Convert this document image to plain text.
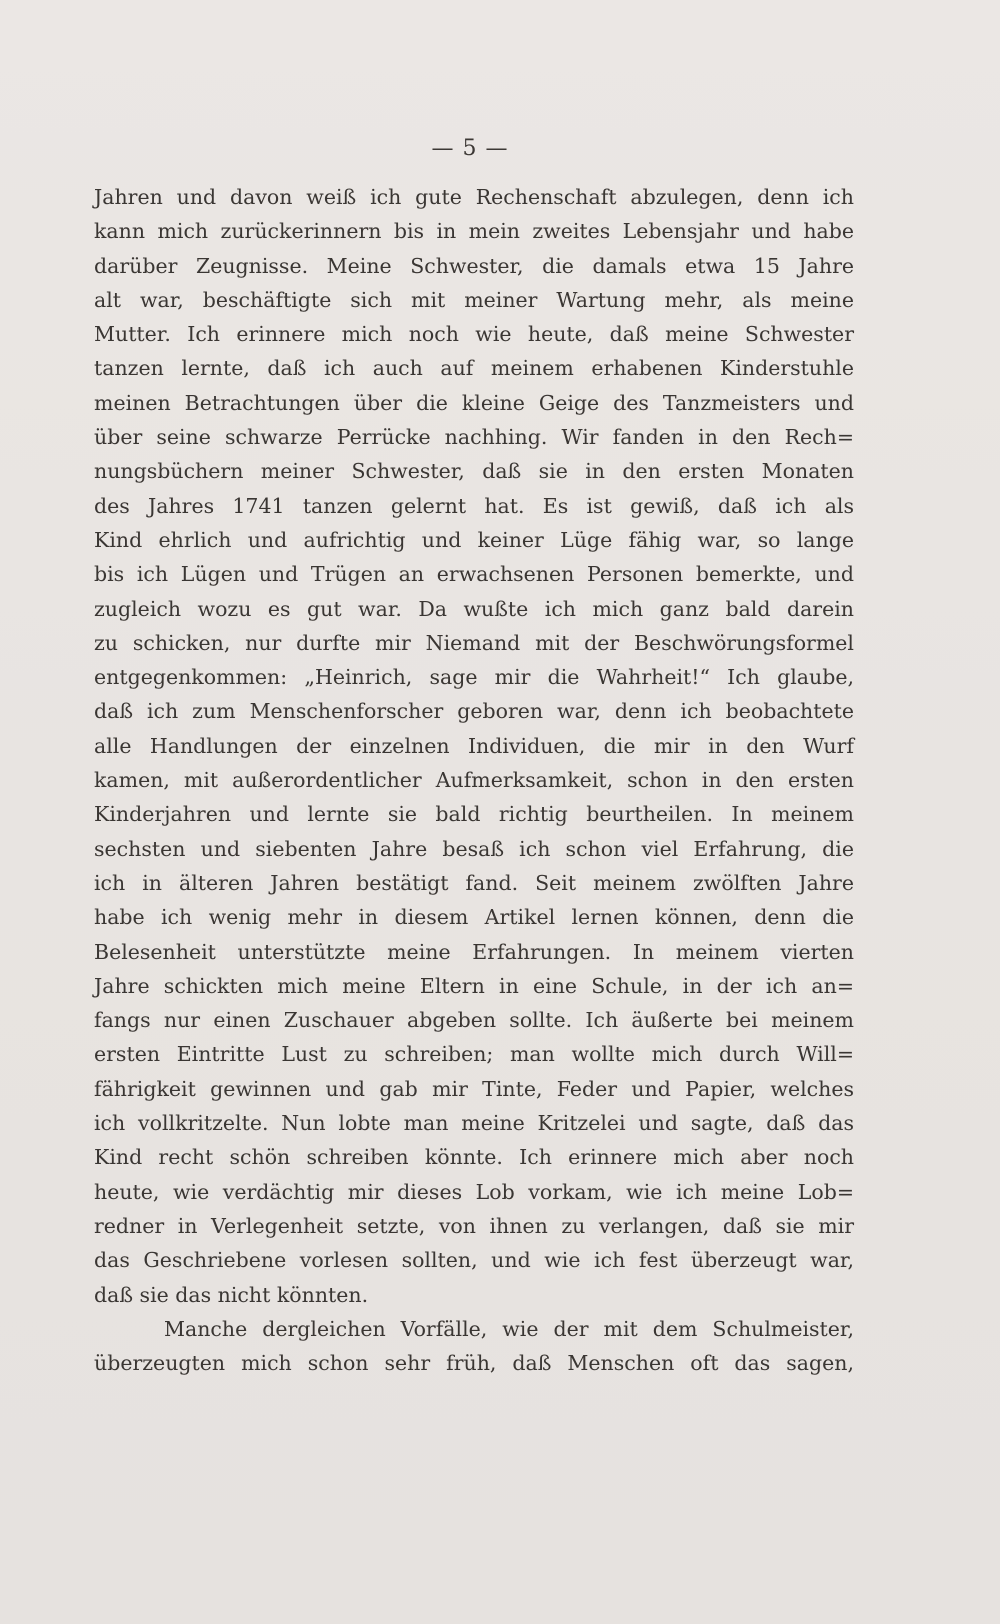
— 5 —
Jahren und davon weiß ich gute Rechenschaft abzulegen, denn ich
kann mich zurückerinnern bis in mein zweites Lebensjahr und habe
darüber Zeugnisse. Meine Schwester, die damals etwa 15 Jahre
alt war, beschäftigte sich mit meiner Wartung mehr, als meine
Mutter. Ich erinnere mich noch wie heute, daß meine Schwester
tanzen lernte, daß ich auch auf meinem erhabenen Kinderstuhle
meinen Betrachtungen über die kleine Geige des Tanzmeisters und
über seine schwarze Perrücke nachhing. Wir fanden in den Rech=
nungsbüchern meiner Schwester, daß sie in den ersten Monaten
des Jahres 1741 tanzen gelernt hat. Es ist gewiß, daß ich als
Kind ehrlich und aufrichtig und keiner Lüge fähig war, so lange
bis ich Lügen und Trügen an erwachsenen Personen bemerkte, und
zugleich wozu es gut war. Da wußte ich mich ganz bald darein
zu schicken, nur durfte mir Niemand mit der Beschwörungsformel
entgegenkommen: „Heinrich, sage mir die Wahrheit!“ Ich glaube,
daß ich zum Menschenforscher geboren war, denn ich beobachtete
alle Handlungen der einzelnen Individuen, die mir in den Wurf
kamen, mit außerordentlicher Aufmerksamkeit, schon in den ersten
Kinderjahren und lernte sie bald richtig beurtheilen. In meinem
sechsten und siebenten Jahre besaß ich schon viel Erfahrung, die
ich in älteren Jahren bestätigt fand. Seit meinem zwölften Jahre
habe ich wenig mehr in diesem Artikel lernen können, denn die
Belesenheit unterstützte meine Erfahrungen. In meinem vierten
Jahre schickten mich meine Eltern in eine Schule, in der ich an=
fangs nur einen Zuschauer abgeben sollte. Ich äußerte bei meinem
ersten Eintritte Lust zu schreiben; man wollte mich durch Will=
fährigkeit gewinnen und gab mir Tinte, Feder und Papier, welches
ich vollkritzelte. Nun lobte man meine Kritzelei und sagte, daß das
Kind recht schön schreiben könnte. Ich erinnere mich aber noch
heute, wie verdächtig mir dieses Lob vorkam, wie ich meine Lob=
redner in Verlegenheit setzte, von ihnen zu verlangen, daß sie mir
das Geschriebene vorlesen sollten, und wie ich fest überzeugt war,
daß sie das nicht könnten.
Manche dergleichen Vorfälle, wie der mit dem Schulmeister,
überzeugten mich schon sehr früh, daß Menschen oft das sagen,
